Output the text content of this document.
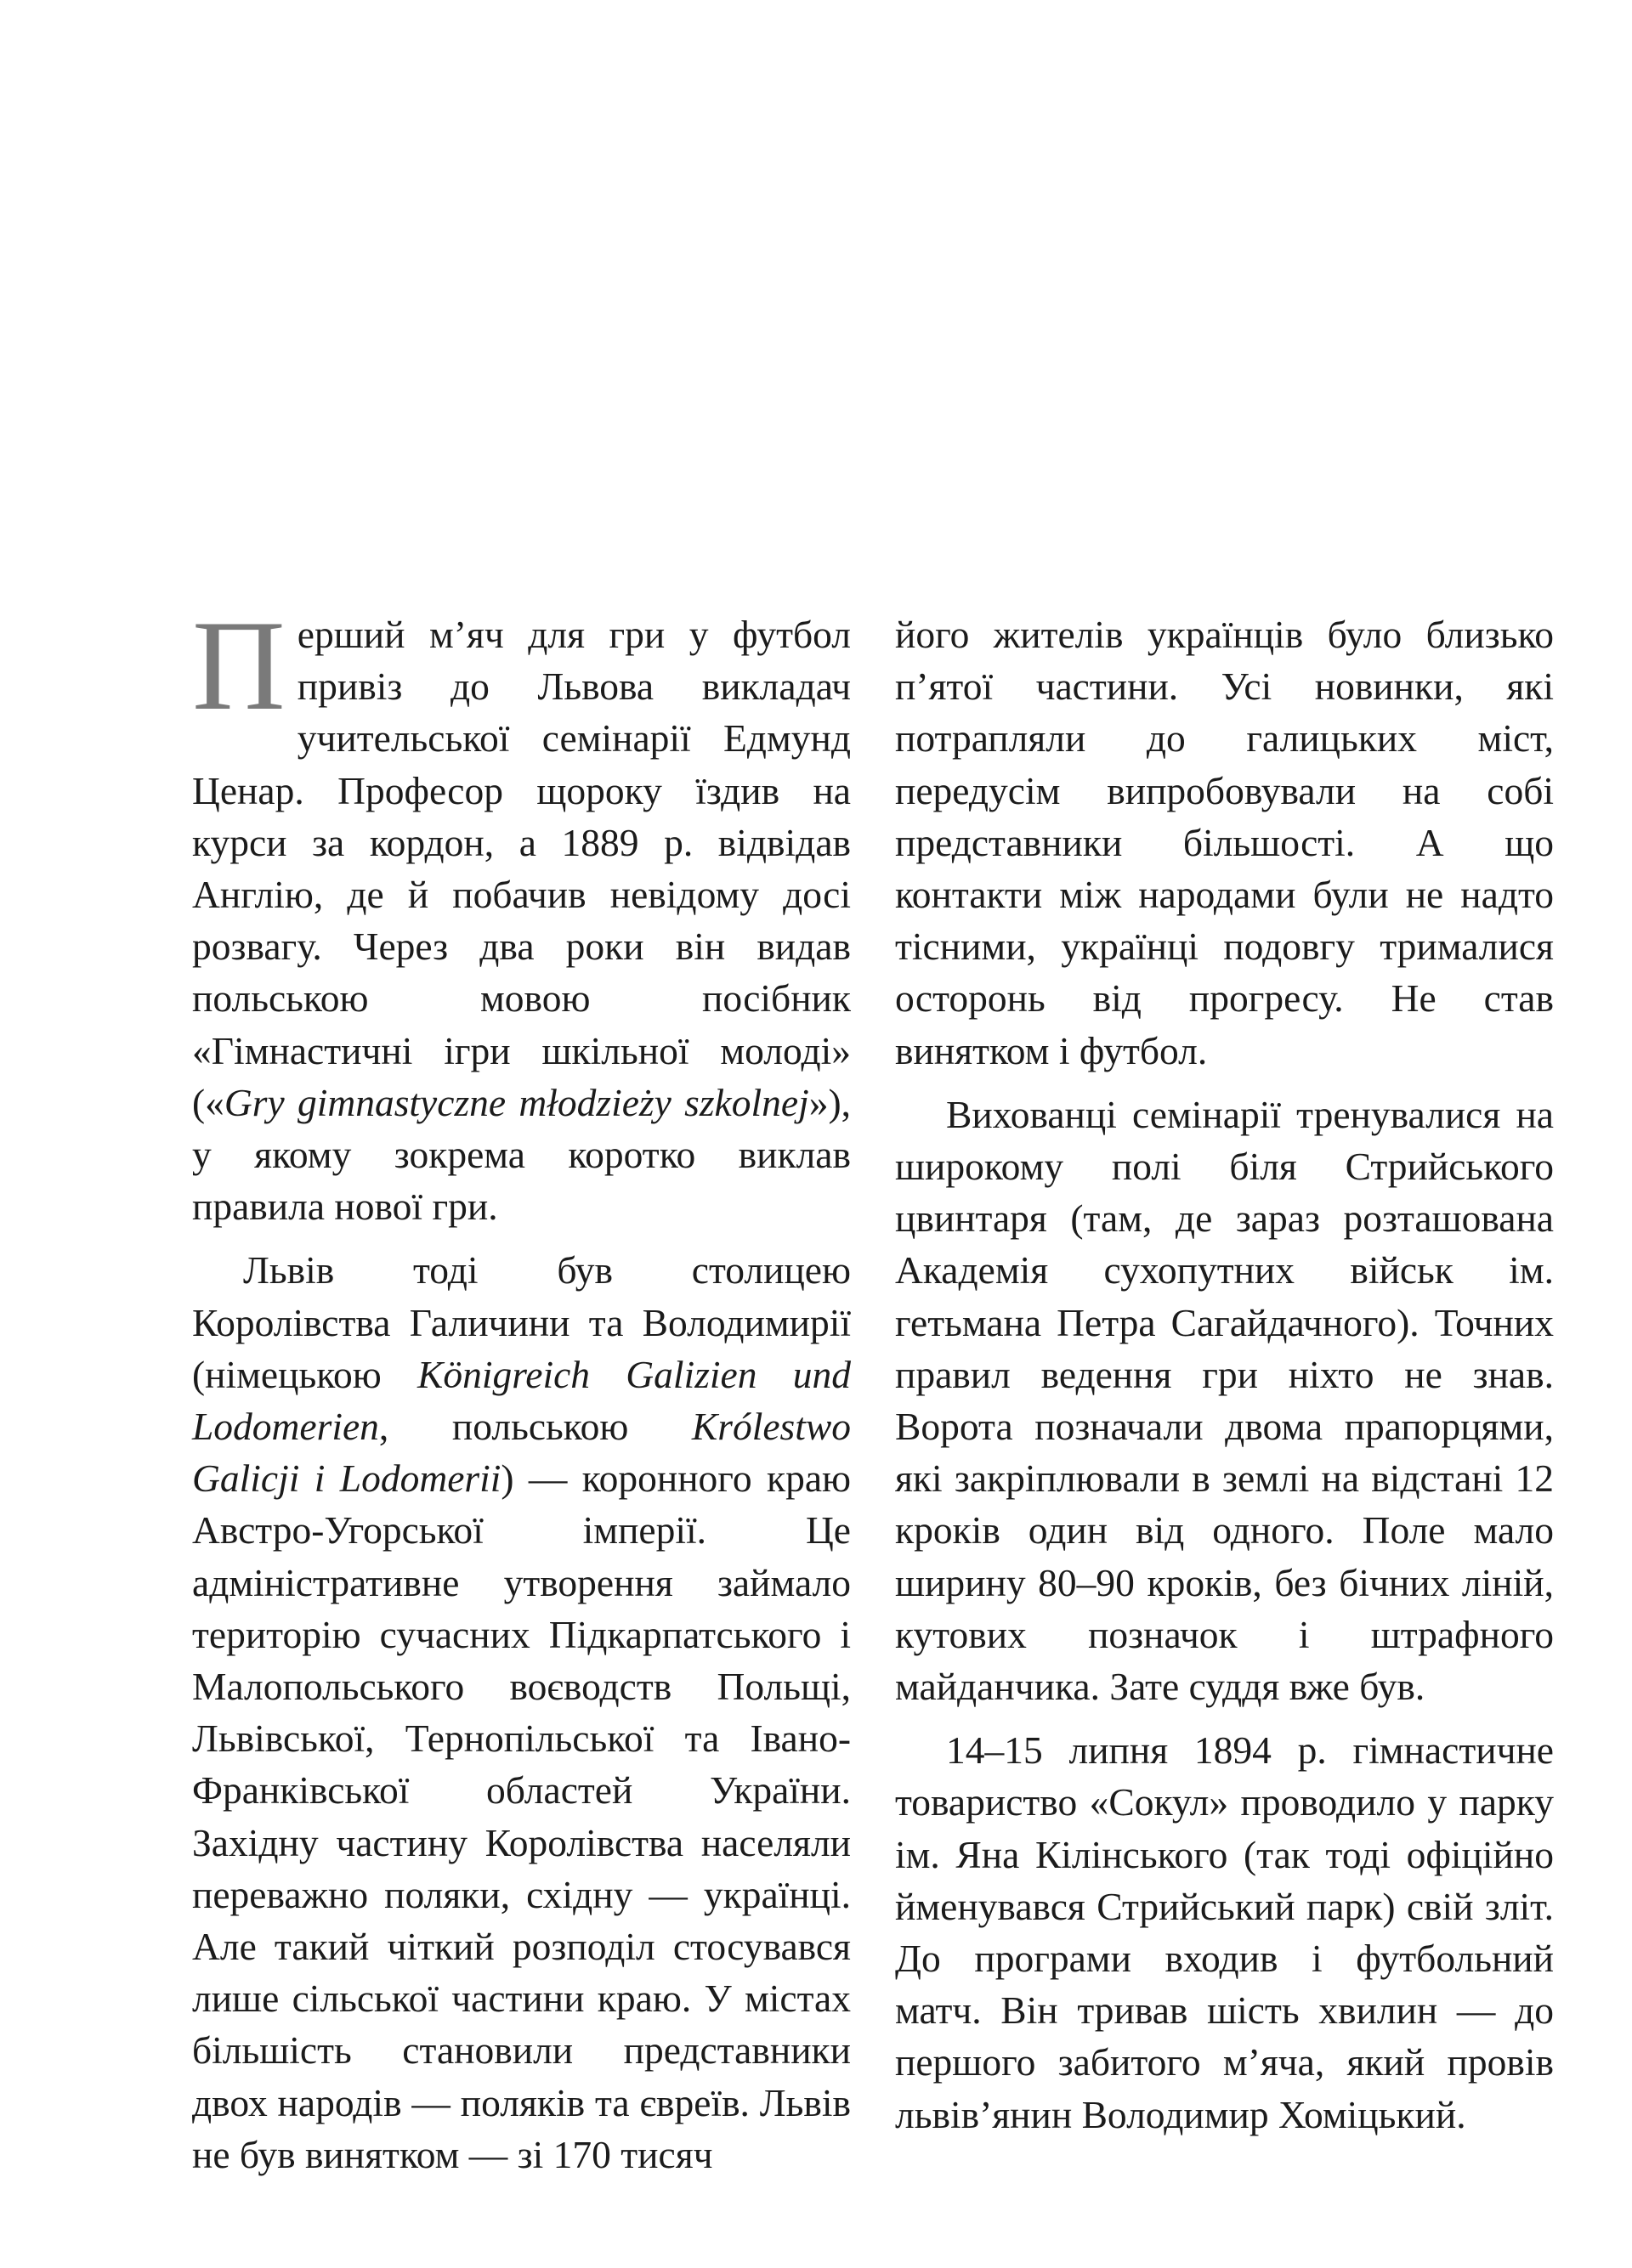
Перший м’яч для гри у футбол привіз до Львова викладач учительської семінарії Едмунд Ценар. Професор щороку їздив на курси за кордон, а 1889 р. відвідав Англію, де й побачив невідому досі розвагу. Через два роки він видав польською мовою посібник «Гімнастичні ігри шкільної молоді» («Gry gimnastyczne młodzieży szkolnej»), у якому зокрема коротко виклав правила нової гри.

Львів тоді був столицею Королівства Галичини та Володимирії (німецькою Königreich Galizien und Lodomerien, польською Królestwo Galicji i Lodomerii) — коронного краю Австро-Угорської імперії. Це адміністративне утворення займало територію сучасних Підкарпатського і Малопольського воєводств Польщі, Львівської, Тернопільської та Івано-Франківської областей України. Західну частину Королівства населяли переважно поляки, східну — українці. Але такий чіткий розподіл стосувався лише сільської частини краю. У містах більшість становили представники двох народів — поляків та євреїв. Львів не був винятком — зі 170 тисяч

його жителів українців було близько п’ятої частини. Усі новинки, які потрапляли до галицьких міст, передусім випробовували на собі представники більшості. А що контакти між народами були не надто тісними, українці подовгу трималися осторонь від прогресу. Не став винятком і футбол.

Вихованці семінарії тренувалися на широкому полі біля Стрийського цвинтаря (там, де зараз розташована Академія сухопутних військ ім. гетьмана Петра Сагайдачного). Точних правил ведення гри ніхто не знав. Ворота позначали двома прапорцями, які закріплювали в землі на відстані 12 кроків один від одного. Поле мало ширину 80–90 кроків, без бічних ліній, кутових позначок і штрафного майданчика. Зате суддя вже був.

14–15 липня 1894 р. гімнастичне товариство «Сокул» проводило у парку ім. Яна Кілінського (так тоді офіційно йменувався Стрийський парк) свій зліт. До програми входив і футбольний матч. Він тривав шість хвилин — до першого забитого м’яча, який провів львів’янин Володимир Хоміцький.
